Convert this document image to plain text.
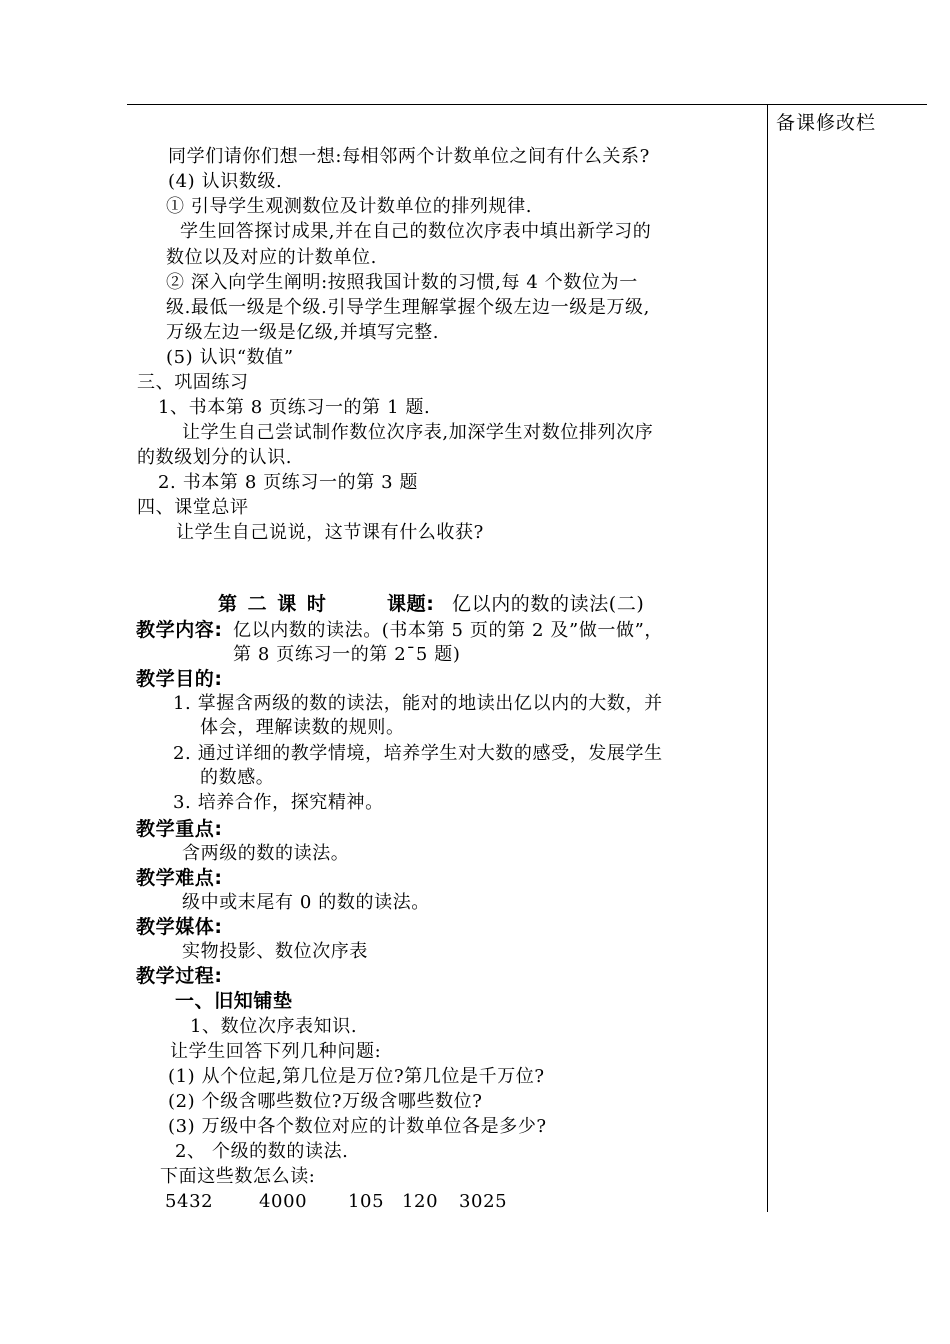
备课修改栏
同学们请你们想一想:每相邻两个计数单位之间有什么关系?
(4) 认识数级.
① 引导学生观测数位及计数单位的排列规律.
学生回答探讨成果,并在自己的数位次序表中填出新学习的
数位以及对应的计数单位.
② 深入向学生阐明:按照我国计数的习惯,每 4 个数位为一
级.最低一级是个级.引导学生理解掌握个级左边一级是万级,
万级左边一级是亿级,并填写完整.
(5) 认识“数值”
三、巩固练习
1、书本第 8 页练习一的第 1 题.
让学生自己尝试制作数位次序表,加深学生对数位排列次序
的数级划分的认识.
2. 书本第 8 页练习一的第 3 题
四、课堂总评
让学生自己说说，这节课有什么收获?
第 二 课 时	课题: 亿以内的数的读法(二)
教学内容: 亿以内数的读法。(书本第 5 页的第 2 及”做一做”，
第 8 页练习一的第 2¯5 题)
教学目的:
1. 掌握含两级的数的读法，能对的地读出亿以内的大数，并
体会，理解读数的规则。
2. 通过详细的教学情境，培养学生对大数的感受，发展学生
的数感。
3. 培养合作，探究精神。
教学重点:
含两级的数的读法。
教学难点:
级中或末尾有 0 的数的读法。
教学媒体:
实物投影、数位次序表
教学过程:
一、旧知铺垫
1、数位次序表知识.
让学生回答下列几种问题:
(1) 从个位起,第几位是万位?第几位是千万位?
(2) 个级含哪些数位?万级含哪些数位?
(3) 万级中各个数位对应的计数单位各是多少?
2、 个级的数的读法.
下面这些数怎么读:
5432	4000 105 120 3025
